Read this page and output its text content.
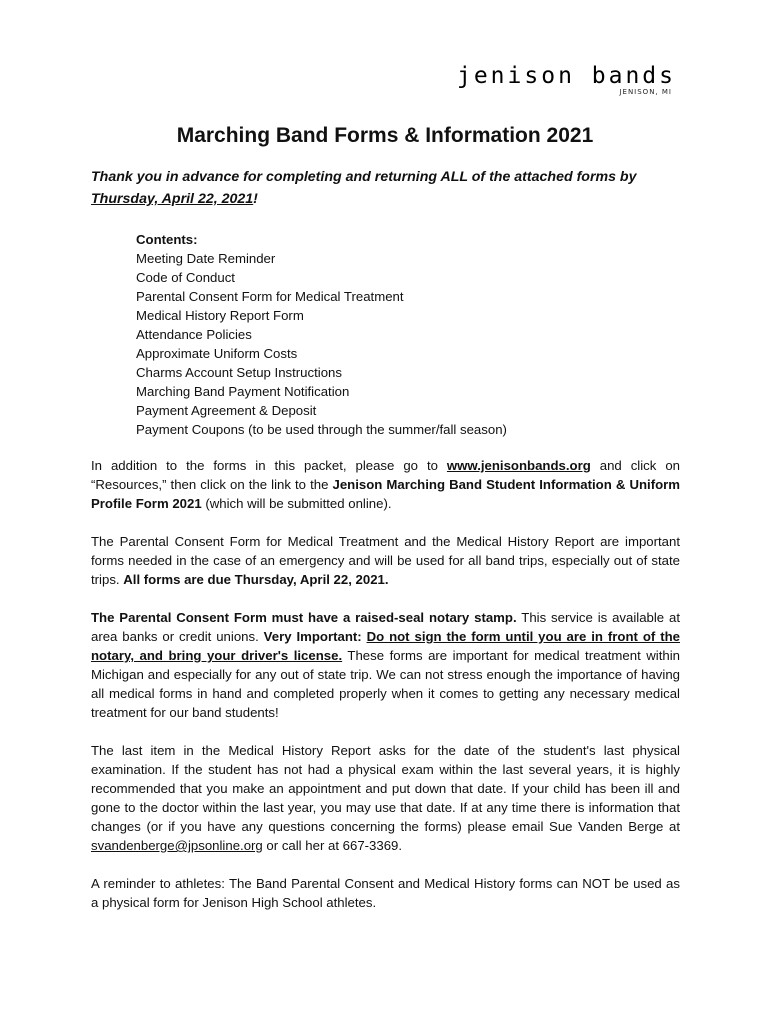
jenison bands
JENISON, MI
Marching Band Forms & Information 2021
Thank you in advance for completing and returning ALL of the attached forms by Thursday, April 22, 2021!
Contents:
Meeting Date Reminder
Code of Conduct
Parental Consent Form for Medical Treatment
Medical History Report Form
Attendance Policies
Approximate Uniform Costs
Charms Account Setup Instructions
Marching Band Payment Notification
Payment Agreement & Deposit
Payment Coupons (to be used through the summer/fall season)
In addition to the forms in this packet, please go to www.jenisonbands.org and click on “Resources,” then click on the link to the Jenison Marching Band Student Information & Uniform Profile Form 2021 (which will be submitted online).
The Parental Consent Form for Medical Treatment and the Medical History Report are important forms needed in the case of an emergency and will be used for all band trips, especially out of state trips. All forms are due Thursday, April 22, 2021.
The Parental Consent Form must have a raised-seal notary stamp. This service is available at area banks or credit unions. Very Important: Do not sign the form until you are in front of the notary, and bring your driver's license. These forms are important for medical treatment within Michigan and especially for any out of state trip. We can not stress enough the importance of having all medical forms in hand and completed properly when it comes to getting any necessary medical treatment for our band students!
The last item in the Medical History Report asks for the date of the student's last physical examination. If the student has not had a physical exam within the last several years, it is highly recommended that you make an appointment and put down that date. If your child has been ill and gone to the doctor within the last year, you may use that date. If at any time there is information that changes (or if you have any questions concerning the forms) please email Sue Vanden Berge at svandenberge@jpsonline.org or call her at 667-3369.
A reminder to athletes: The Band Parental Consent and Medical History forms can NOT be used as a physical form for Jenison High School athletes.
